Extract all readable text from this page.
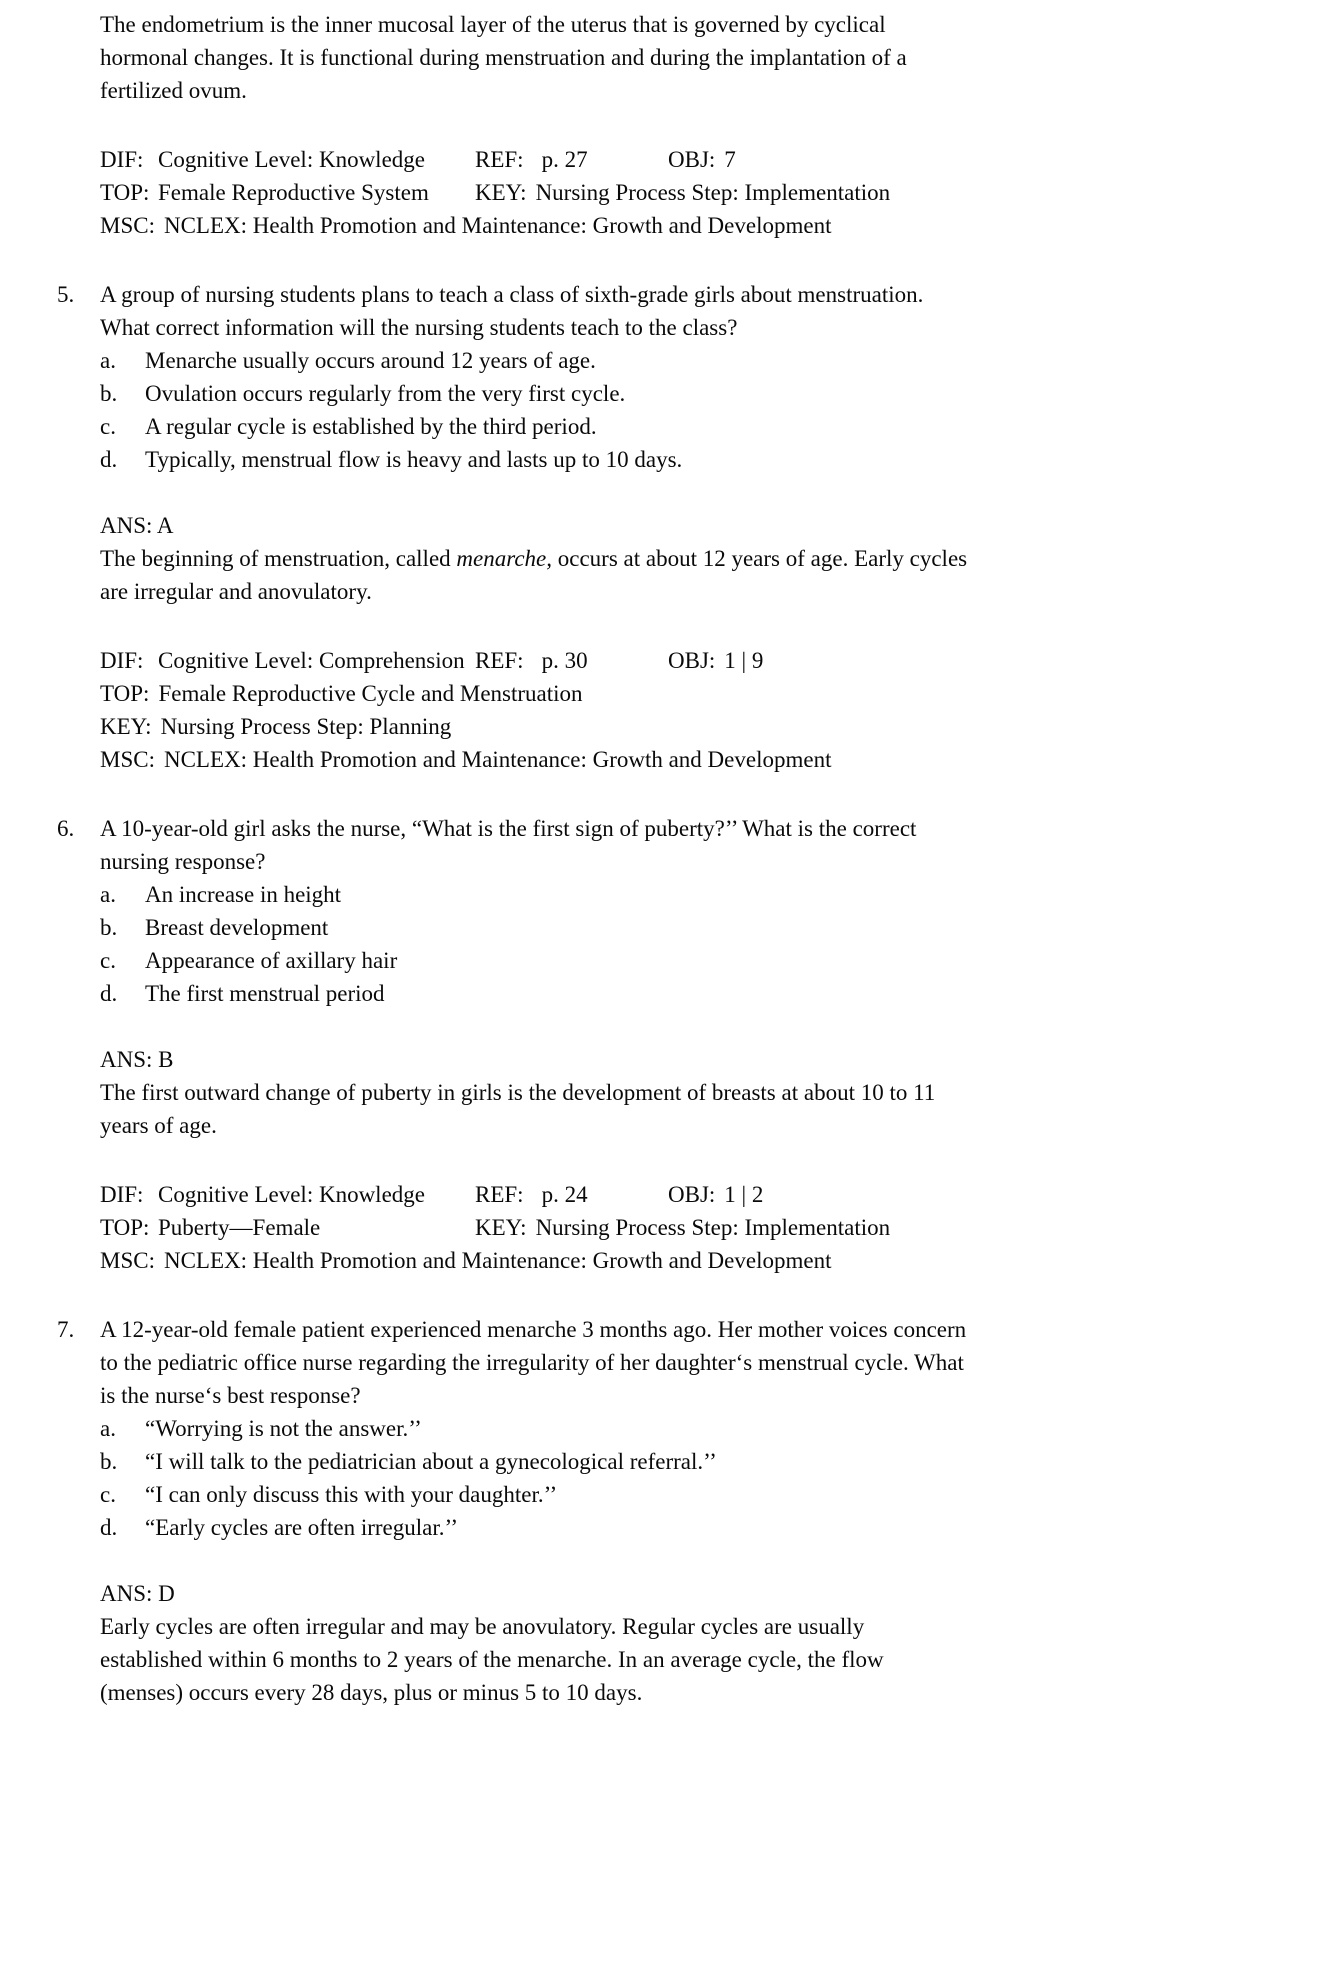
The endometrium is the inner mucosal layer of the uterus that is governed by cyclical
hormonal changes. It is functional during menstruation and during the implantation of a
fertilized ovum.
DIF: Cognitive Level: Knowledge REF: p. 27	OBJ: 7
TOP: Female Reproductive System KEY: Nursing Process Step: Implementation
MSC: NCLEX: Health Promotion and Maintenance: Growth and Development
5. A group of nursing students plans to teach a class of sixth-grade girls about menstruation.
What correct information will the nursing students teach to the class?
a. Menarche usually occurs around 12 years of age.
b. Ovulation occurs regularly from the very first cycle.
c. A regular cycle is established by the third period.
d. Typically, menstrual flow is heavy and lasts up to 10 days.
ANS: A
The beginning of menstruation, called menarche, occurs at about 12 years of age. Early cycles
are irregular and anovulatory.
DIF: Cognitive Level: Comprehension REF: p. 30	OBJ: 1 | 9
TOP: Female Reproductive Cycle and Menstruation
KEY: Nursing Process Step: Planning
MSC: NCLEX: Health Promotion and Maintenance: Growth and Development
6. A 10-year-old girl asks the nurse, “What is the first sign of puberty?’’ What is the correct
nursing response?
a. An increase in height
b. Breast development
c. Appearance of axillary hair
d. The first menstrual period
ANS: B
The first outward change of puberty in girls is the development of breasts at about 10 to 11
years of age.
DIF: Cognitive Level: Knowledge REF: p. 24	OBJ: 1 | 2
TOP: Puberty—Female	KEY: Nursing Process Step: Implementation
MSC: NCLEX: Health Promotion and Maintenance: Growth and Development
7. A 12-year-old female patient experienced menarche 3 months ago. Her mother voices concern
to the pediatric office nurse regarding the irregularity of her daughter‘s menstrual cycle. What
is the nurse‘s best response?
a. “Worrying is not the answer.’’
b. “I will talk to the pediatrician about a gynecological referral.’’
c. “I can only discuss this with your daughter.’’
d. “Early cycles are often irregular.’’
ANS: D
Early cycles are often irregular and may be anovulatory. Regular cycles are usually
established within 6 months to 2 years of the menarche. In an average cycle, the flow
(menses) occurs every 28 days, plus or minus 5 to 10 days.
